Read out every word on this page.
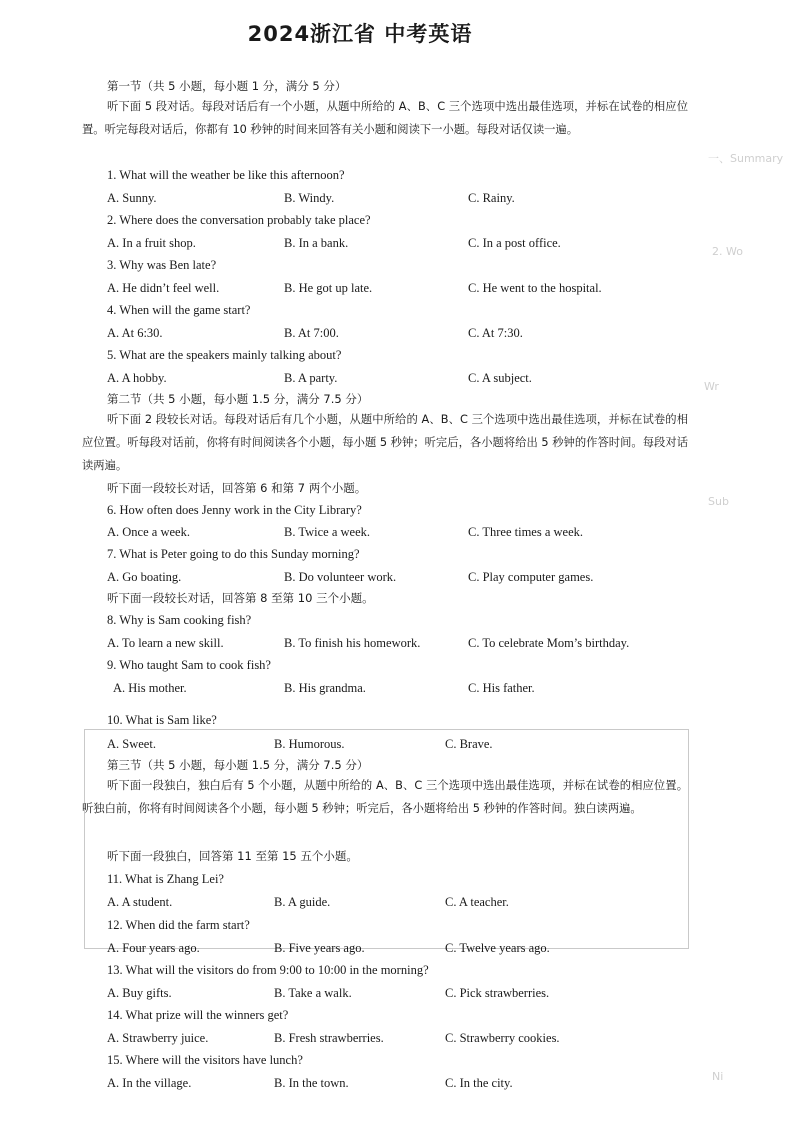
一、Summary
2. Wo
Wr
Sub
Ni
2024浙江省 中考英语
第一节（共 5 小题，每小题 1 分，满分 5 分）
听下面 5 段对话。每段对话后有一个小题，从题中所给的 A、B、C 三个选项中选出最佳选项，并标在试卷的相应位置。听完每段对话后，你都有 10 秒钟的时间来回答有关小题和阅读下一小题。每段对话仅读一遍。
1. What will the weather be like this afternoon?
A. Sunny.	B. Windy.	C. Rainy.
2. Where does the conversation probably take place?
A. In a fruit shop.	B. In a bank.	C. In a post office.
3. Why was Ben late?
A. He didn’t feel well.	B. He got up late.	C. He went to the hospital.
4. When will the game start?
A. At 6:30.	B. At 7:00.	C. At 7:30.
5. What are the speakers mainly talking about?
A. A hobby.	B. A party.	C. A subject.
第二节（共 5 小题，每小题 1.5 分，满分 7.5 分）
听下面 2 段较长对话。每段对话后有几个小题，从题中所给的 A、B、C 三个选项中选出最佳选项，并标在试卷的相应位置。听每段对话前，你将有时间阅读各个小题，每小题 5 秒钟；听完后，各小题将给出 5 秒钟的作答时间。每段对话读两遍。
听下面一段较长对话，回答第 6 和第 7 两个小题。
6. How often does Jenny work in the City Library?
A. Once a week.	B. Twice a week.	C. Three times a week.
7. What is Peter going to do this Sunday morning?
A. Go boating.	B. Do volunteer work.	C. Play computer games.
听下面一段较长对话，回答第 8 至第 10 三个小题。
8. Why is Sam cooking fish?
A. To learn a new skill.	B. To finish his homework.	C. To celebrate Mom’s birthday.
9. Who taught Sam to cook fish?
A. His mother.	B. His grandma.	C. His father.
10. What is Sam like?
A. Sweet.	B. Humorous.	C. Brave.
第三节（共 5 小题，每小题 1.5 分，满分 7.5 分）
听下面一段独白，独白后有 5 个小题，从题中所给的 A、B、C 三个选项中选出最佳选项，并标在试卷的相应位置。听独白前，你将有时间阅读各个小题，每小题 5 秒钟；听完后，各小题将给出 5 秒钟的作答时间。独白读两遍。
听下面一段独白，回答第 11 至第 15 五个小题。
11. What is Zhang Lei?
A. A student.	B. A guide.	C. A teacher.
12. When did the farm start?
A. Four years ago.	B. Five years ago.	C. Twelve years ago.
13. What will the visitors do from 9:00 to 10:00 in the morning?
A. Buy gifts.	B. Take a walk.	C. Pick strawberries.
14. What prize will the winners get?
A. Strawberry juice.	B. Fresh strawberries.	C. Strawberry cookies.
15. Where will the visitors have lunch?
A. In the village.	B. In the town.	C. In the city.
